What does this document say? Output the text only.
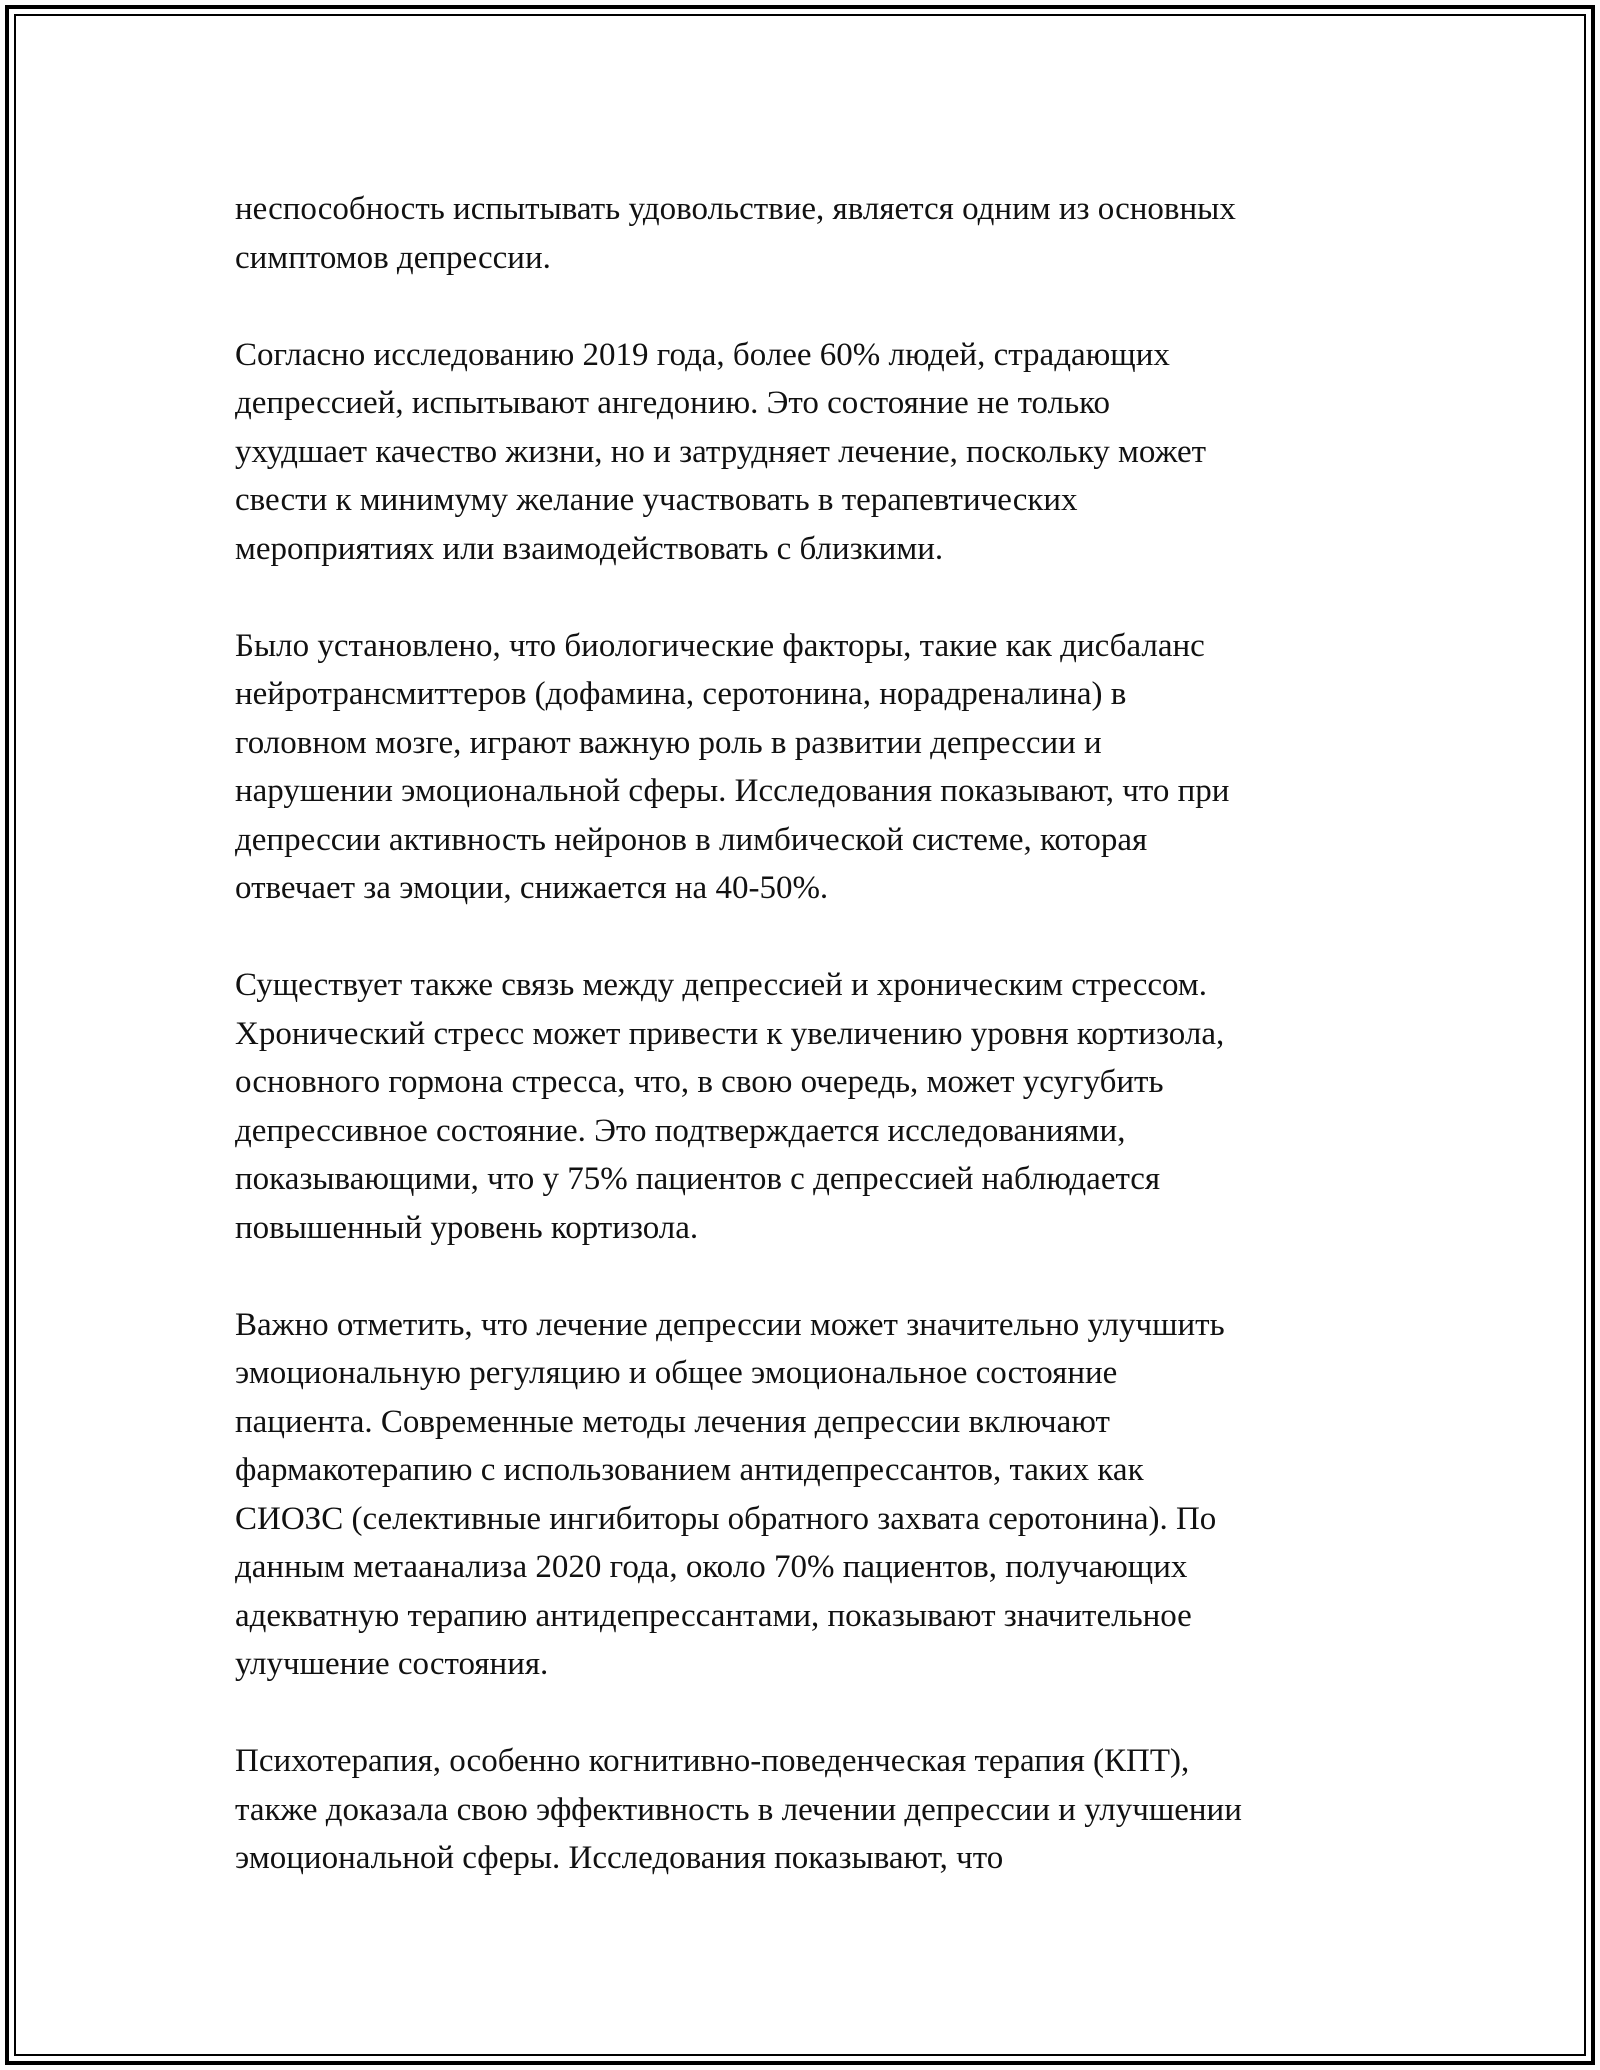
неспособность испытывать удовольствие, является одним из основных
симптомов депрессии.

Согласно исследованию 2019 года, более 60% людей, страдающих
депрессией, испытывают ангедонию. Это состояние не только
ухудшает качество жизни, но и затрудняет лечение, поскольку может
свести к минимуму желание участвовать в терапевтических
мероприятиях или взаимодействовать с близкими.

Было установлено, что биологические факторы, такие как дисбаланс
нейротрансмиттеров (дофамина, серотонина, норадреналина) в
головном мозге, играют важную роль в развитии депрессии и
нарушении эмоциональной сферы. Исследования показывают, что при
депрессии активность нейронов в лимбической системе, которая
отвечает за эмоции, снижается на 40-50%.

Существует также связь между депрессией и хроническим стрессом.
Хронический стресс может привести к увеличению уровня кортизола,
основного гормона стресса, что, в свою очередь, может усугубить
депрессивное состояние. Это подтверждается исследованиями,
показывающими, что у 75% пациентов с депрессией наблюдается
повышенный уровень кортизола.

Важно отметить, что лечение депрессии может значительно улучшить
эмоциональную регуляцию и общее эмоциональное состояние
пациента. Современные методы лечения депрессии включают
фармакотерапию с использованием антидепрессантов, таких как
СИОЗС (селективные ингибиторы обратного захвата серотонина). По
данным метаанализа 2020 года, около 70% пациентов, получающих
адекватную терапию антидепрессантами, показывают значительное
улучшение состояния.

Психотерапия, особенно когнитивно-поведенческая терапия (КПТ),
также доказала свою эффективность в лечении депрессии и улучшении
эмоциональной сферы. Исследования показывают, что
